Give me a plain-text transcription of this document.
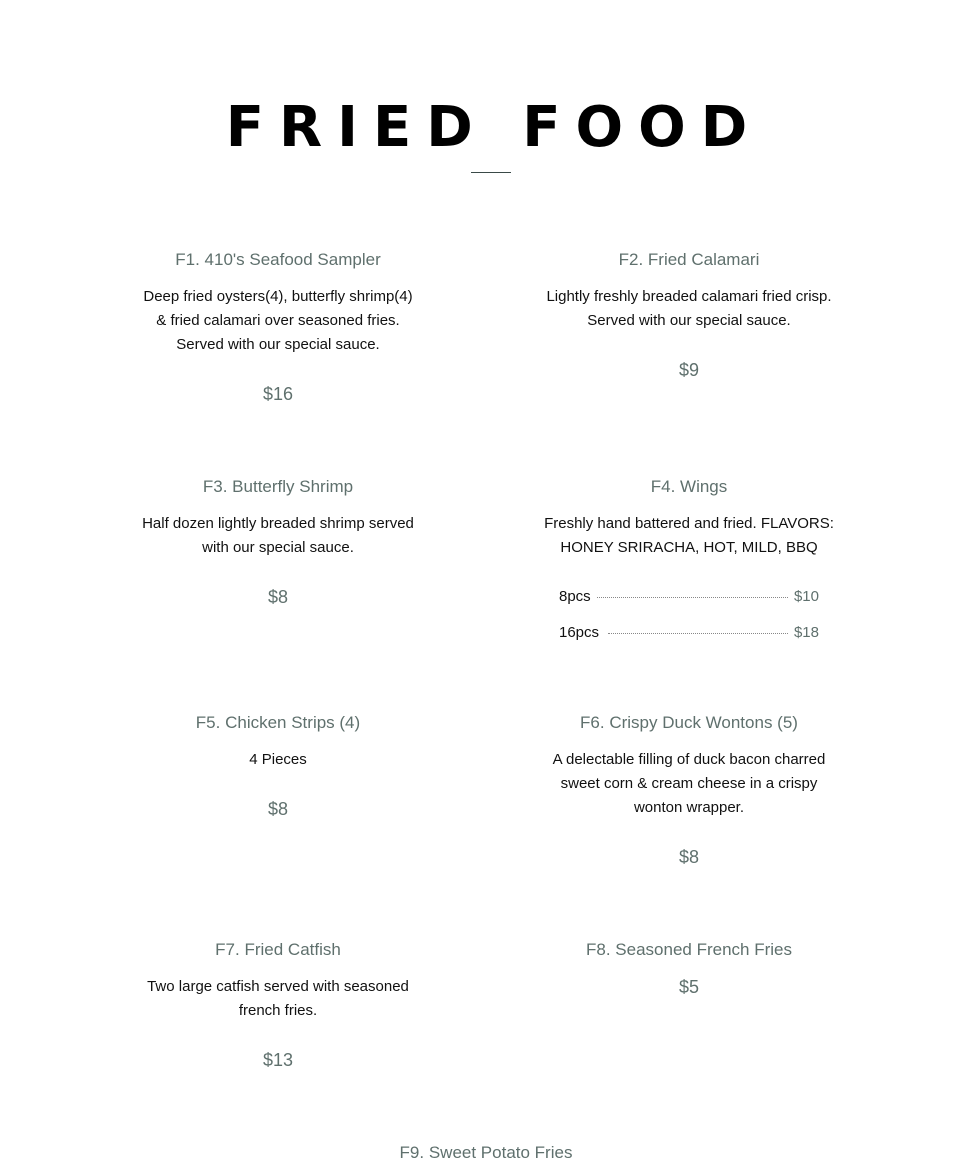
FRIED FOOD

F1. 410's Seafood Sampler

Deep fried oysters(4), butterfly shrimp(4) & fried calamari over seasoned fries. Served with our special sauce.

$16

F2. Fried Calamari

Lightly freshly breaded calamari fried crisp. Served with our special sauce.

$9

F3. Butterfly Shrimp

Half dozen lightly breaded shrimp served with our special sauce.

$8

F4. Wings

Freshly hand battered and fried. FLAVORS: HONEY SRIRACHA, HOT, MILD, BBQ

8pcs	$10
16pcs	$18

F5. Chicken Strips (4)

4 Pieces

$8

F6. Crispy Duck Wontons (5)

A delectable filling of duck bacon charred sweet corn & cream cheese in a crispy wonton wrapper.

$8

F7. Fried Catfish

Two large catfish served with seasoned french fries.

$13

F8. Seasoned French Fries

$5

F9. Sweet Potato Fries
